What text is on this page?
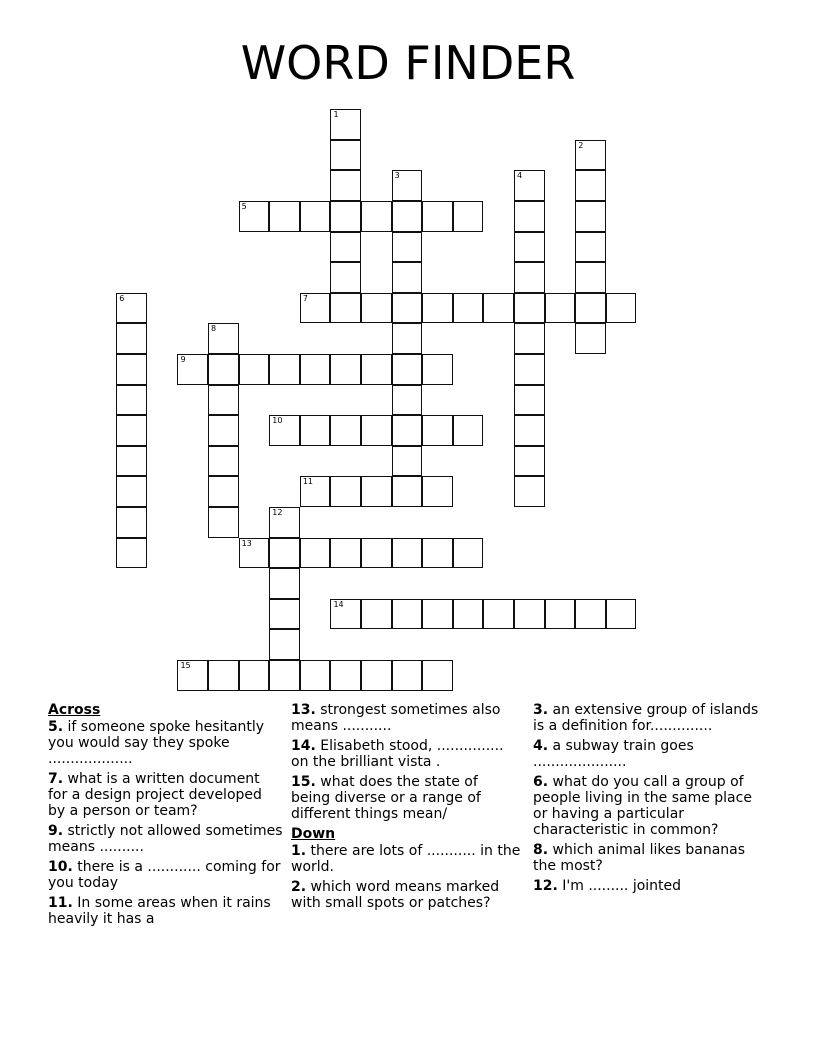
WORD FINDER
1
2
3	4
5
6	7
8
9
10
11
12
13
14
15
Across
5. if someone spoke hesitantly you would say they spoke ...................
7. what is a written document for a design project developed by a person or team?
9. strictly not allowed sometimes means ..........
10. there is a ............ coming for you today
11. In some areas when it rains heavily it has a
13. strongest sometimes also means ...........
14. Elisabeth stood, ............... on the brilliant vista .
15. what does the state of being diverse or a range of different things mean/
Down
1. there are lots of ........... in the world.
2. which word means marked with small spots or patches?
3. an extensive group of islands is a definition for..............
4. a subway train goes .....................
6. what do you call a group of people living in the same place or having a particular characteristic in common?
8. which animal likes bananas the most?
12. I'm ......... jointed
